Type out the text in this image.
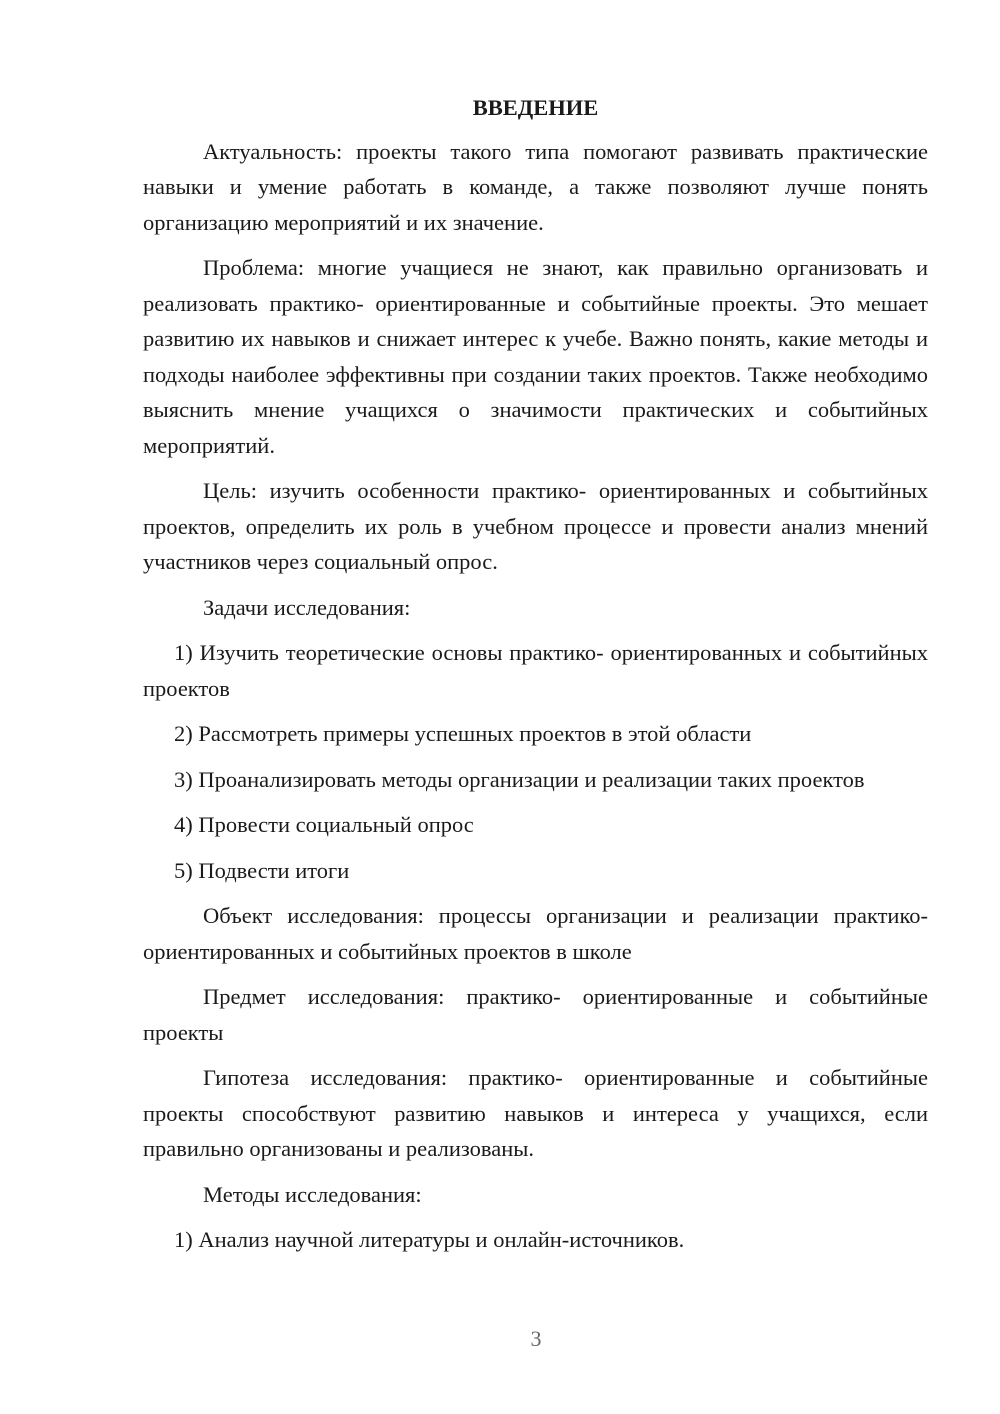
ВВЕДЕНИЕ

Актуальность: проекты такого типа помогают развивать практические навыки и умение работать в команде, а также позволяют лучше понять организацию мероприятий и их значение.

Проблема: многие учащиеся не знают, как правильно организовать и реализовать практико- ориентированные и событийные проекты. Это мешает развитию их навыков и снижает интерес к учебе. Важно понять, какие методы и подходы наиболее эффективны при создании таких проектов. Также необходимо выяснить мнение учащихся о значимости практических и событийных мероприятий.

Цель: изучить особенности практико- ориентированных и событийных проектов, определить их роль в учебном процессе и провести анализ мнений участников через социальный опрос.

Задачи исследования:

1) Изучить теоретические основы практико- ориентированных и событийных проектов

2) Рассмотреть примеры успешных проектов в этой области

3) Проанализировать методы организации и реализации таких проектов

4) Провести социальный опрос

5) Подвести итоги

Объект исследования: процессы организации и реализации практико- ориентированных и событийных проектов в школе

Предмет исследования: практико- ориентированные и событийные проекты

Гипотеза исследования: практико- ориентированные и событийные проекты способствуют развитию навыков и интереса у учащихся, если правильно организованы и реализованы.

Методы исследования:

1) Анализ научной литературы и онлайн-источников.

3
